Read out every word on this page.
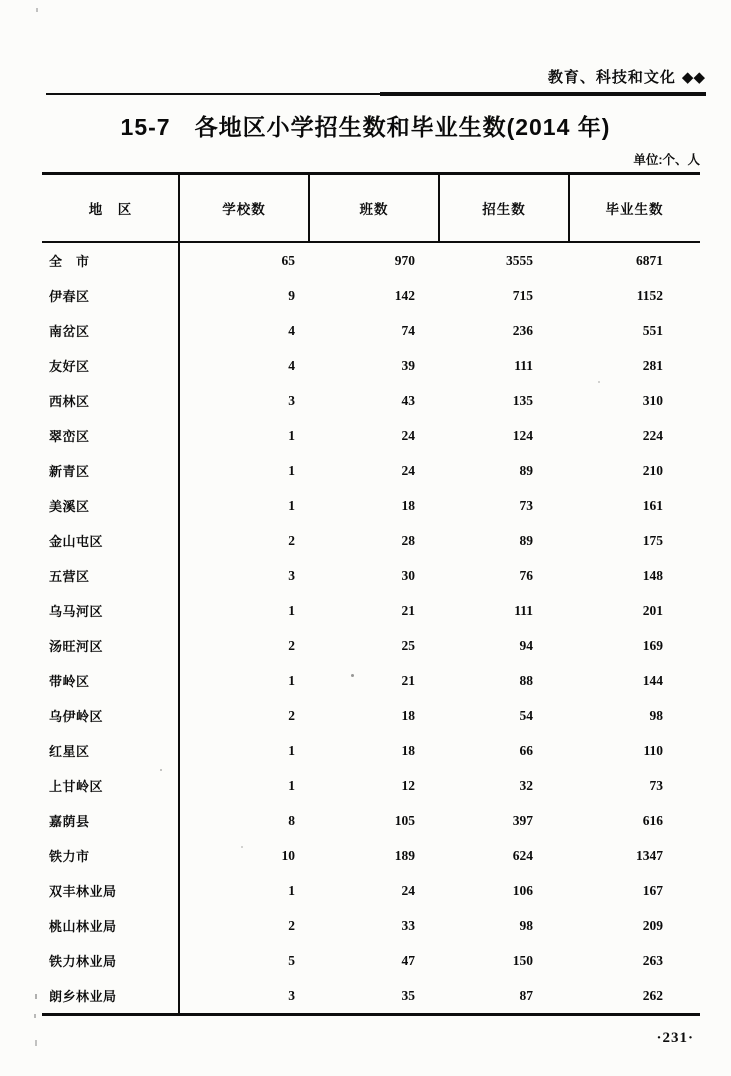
教育、科技和文化 ◆◆
15-7　各地区小学招生数和毕业生数(2014 年)
单位:个、人
地　区	学校数	班数	招生数	毕业生数
全　市	65	970	3555	6871
伊春区	9	142	715	1152
南岔区	4	74	236	551
友好区	4	39	111	281
西林区	3	43	135	310
翠峦区	1	24	124	224
新青区	1	24	89	210
美溪区	1	18	73	161
金山屯区	2	28	89	175
五营区	3	30	76	148
乌马河区	1	21	111	201
汤旺河区	2	25	94	169
带岭区	1	21	88	144
乌伊岭区	2	18	54	98
红星区	1	18	66	110
上甘岭区	1	12	32	73
嘉荫县	8	105	397	616
铁力市	10	189	624	1347
双丰林业局	1	24	106	167
桃山林业局	2	33	98	209
铁力林业局	5	47	150	263
朗乡林业局	3	35	87	262
·231·
